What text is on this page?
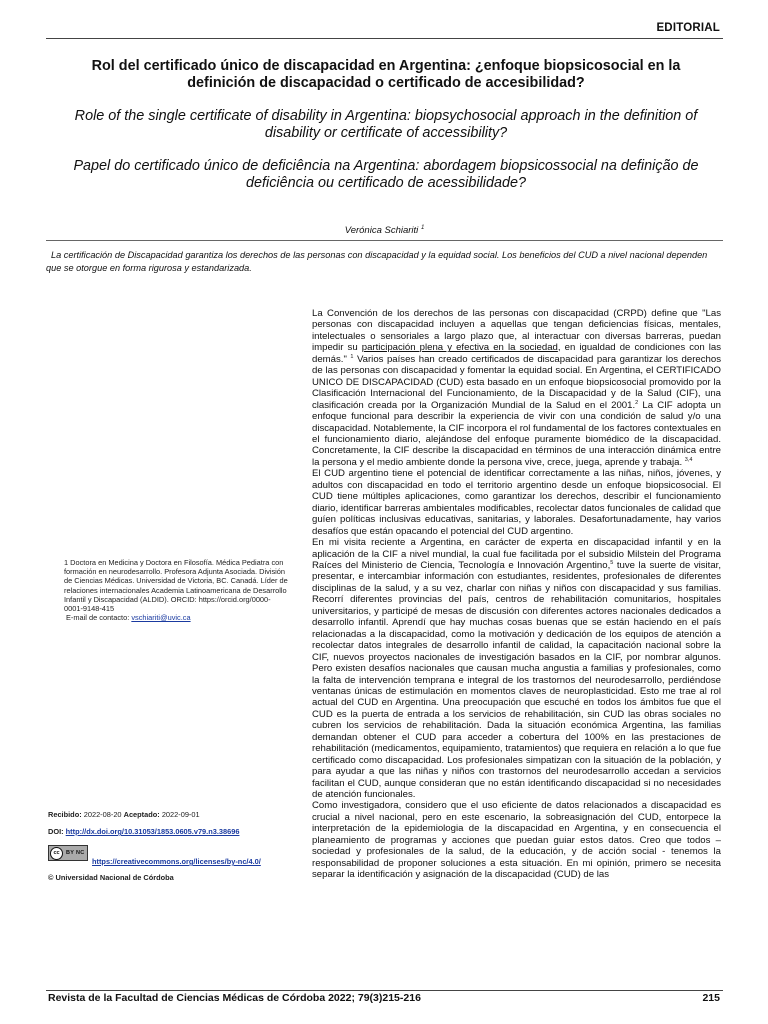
EDITORIAL
Rol del certificado único de discapacidad en Argentina: ¿enfoque biopsicosocial en la definición de discapacidad o certificado de accesibilidad?
Role of the single certificate of disability in Argentina: biopsychosocial approach in the definition of disability or certificate of accessibility?
Papel do certificado único de deficiência na Argentina: abordagem biopsicossocial na definição de deficiência ou certificado de acessibilidade?
Verónica Schiariti $^1$
La certificación de Discapacidad garantiza los derechos de las personas con discapacidad y la equidad social. Los beneficios del CUD a nivel nacional dependen que se otorgue en forma rigurosa y estandarizada.

La Convención de los derechos de las personas con discapacidad (CRPD) define que "Las personas con discapacidad incluyen a aquellas que tengan deficiencias físicas, mentales, intelectuales o sensoriales a largo plazo que, al interactuar con diversas barreras, puedan impedir su participación plena y efectiva en la sociedad, en igualdad de condiciones con las demás." $^1$ Varios países han creado certificados de discapacidad para garantizar los derechos de las personas con discapacidad y fomentar la equidad social. En Argentina, el CERTIFICADO UNICO DE DISCAPACIDAD (CUD) esta basado en un enfoque biopsicosocial promovido por la Clasificación Internacional del Funcionamiento, de la Discapacidad y de la Salud (CIF), una clasificación creada por la Organización Mundial de la Salud en el 2001.$^2$ La CIF adopta un enfoque funcional para describir la experiencia de vivir con una condición de salud y/o una discapacidad. Notablemente, la CIF incorpora el rol fundamental de los factores contextuales en el funcionamiento diario, alejándose del enfoque puramente biomédico de la discapacidad. Concretamente, la CIF describe la discapacidad en términos de una interacción dinámica entre la persona y el medio ambiente donde la persona vive, crece, juega, aprende y trabaja. $^{3,4}$

El CUD argentino tiene el potencial de identificar correctamente a las niñas, niños, jóvenes, y adultos con discapacidad en todo el territorio argentino desde un enfoque biopsicosocial. El CUD tiene múltiples aplicaciones, como garantizar los derechos, describir el funcionamiento diario, identificar barreras ambientales modificables, recolectar datos funcionales de calidad que guíen políticas inclusivas educativas, sanitarias, y laborales. Desafortunadamente, hay varios desafíos que están opacando el potencial del CUD argentino.

En mi visita reciente a Argentina, en carácter de experta en discapacidad infantil y en la aplicación de la CIF a nivel mundial, la cual fue facilitada por el subsidio Milstein del Programa Raíces del Ministerio de Ciencia, Tecnología e Innovación Argentino,$^5$ tuve la suerte de visitar, presentar, e intercambiar información con estudiantes, residentes, profesionales de diferentes disciplinas de la salud, y a su vez, charlar con niñas y niños con discapacidad y sus familias. Recorrí diferentes provincias del país, centros de rehabilitación comunitarios, hospitales universitarios, y participé de mesas de discusión con diferentes actores nacionales dedicados a desarrollo infantil. Aprendí que hay muchas cosas buenas que se están haciendo en el país relacionadas a la discapacidad, como la motivación y dedicación de los equipos de atención a recolectar datos integrales de desarrollo infantil de calidad, la capacitación nacional sobre la CIF, nuevos proyectos nacionales de investigación basados en la CIF, por nombrar algunos. Pero existen desafíos nacionales que causan mucha angustia a familias y profesionales, como la falta de intervención temprana e integral de los trastornos del neurodesarrollo, perdiéndose ventanas únicas de estimulación en momentos claves de neuroplasticidad. Esto me trae al rol actual del CUD en Argentina. Una preocupación que escuché en todos los ámbitos fue que el CUD es la puerta de entrada a los servicios de rehabilitación, sin CUD las obras sociales no cubren los servicios de rehabilitación. Dada la situación económica Argentina, las familias demandan obtener el CUD para acceder a cobertura del 100% en las prestaciones de rehabilitación (medicamentos, equipamiento, tratamientos) que requiera en relación a lo que fue certificado como discapacidad. Los profesionales simpatizan con la situación de la población, y para ayudar a que las niñas y niños con trastornos del neurodesarrollo accedan a servicios facilitan el CUD, aunque consideran que no están identificando discapacidad si no necesidades de atención funcionales.

Como investigadora, considero que el uso eficiente de datos relacionados a discapacidad es crucial a nivel nacional, pero en este escenario, la sobreasignación del CUD, entorpece la interpretación de la epidemiologia de la discapacidad en Argentina, y en consecuencia el planeamiento de programas y acciones que puedan guiar estos datos. Creo que todos – sociedad y profesionales de la salud, de la educación, y de acción social - tenemos la responsabilidad de proponer soluciones a esta situación. En mi opinión, primero se necesita separar la identificación y asignación de la discapacidad (CUD) de las

1 Doctora en Medicina y Doctora en Filosofía. Médica Pediatra con formación en neurodesarrollo. Profesora Adjunta Asociada. División de Ciencias Médicas. Universidad de Victoria, BC. Canadá. Líder de relaciones internacionales Academia Latinoamericana de Desarrollo Infantil y Discapacidad (ALDID). ORCID: https://orcid.org/0000-0001-9148-415
E-mail de contacto: vschiariti@uvic.ca
Recibido: 2022-08-20 Aceptado: 2022-09-01
DOI: http://dx.doi.org/10.31053/1853.0605.v79.n3.38696
cc	BY NC
https://creativecommons.org/licenses/by-nc/4.0/
© Universidad Nacional de Córdoba
Revista de la Facultad de Ciencias Médicas de Córdoba 2022; 79(3)215-216	215
